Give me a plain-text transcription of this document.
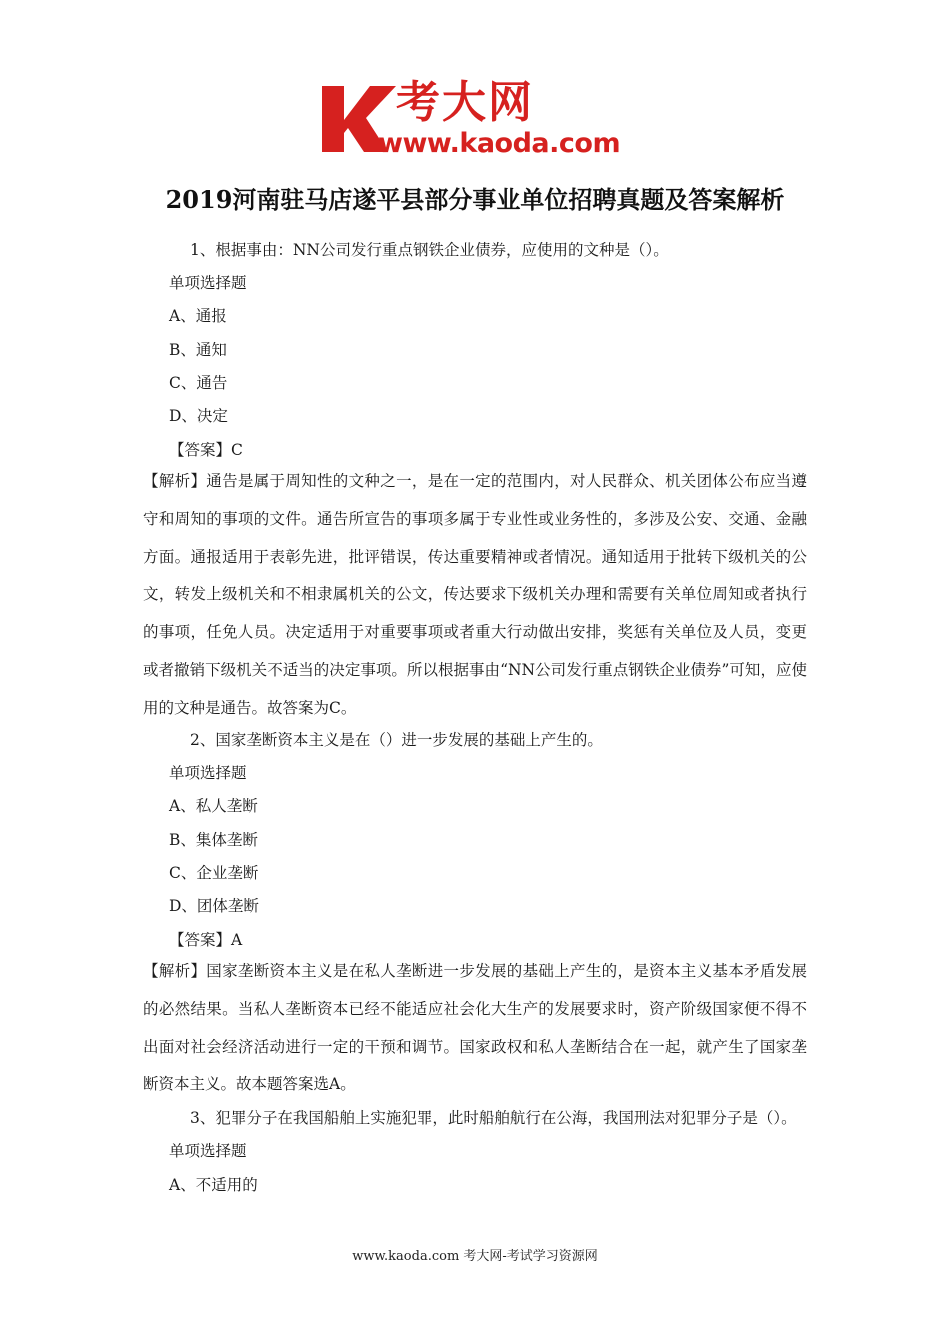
考大网
www.kaoda.com
2019河南驻马店遂平县部分事业单位招聘真题及答案解析
1、根据事由：NN公司发行重点钢铁企业债券，应使用的文种是（）。
单项选择题
A、通报
B、通知
C、通告
D、决定
【答案】C
【解析】通告是属于周知性的文种之一，是在一定的范围内，对人民群众、机关团体公布应当遵守和周知的事项的文件。通告所宣告的事项多属于专业性或业务性的，多涉及公安、交通、金融方面。通报适用于表彰先进，批评错误，传达重要精神或者情况。通知适用于批转下级机关的公文，转发上级机关和不相隶属机关的公文，传达要求下级机关办理和需要有关单位周知或者执行的事项，任免人员。决定适用于对重要事项或者重大行动做出安排，奖惩有关单位及人员，变更或者撤销下级机关不适当的决定事项。所以根据事由“NN公司发行重点钢铁企业债券”可知，应使用的文种是通告。故答案为C。
2、国家垄断资本主义是在（）进一步发展的基础上产生的。
单项选择题
A、私人垄断
B、集体垄断
C、企业垄断
D、团体垄断
【答案】A
【解析】国家垄断资本主义是在私人垄断进一步发展的基础上产生的，是资本主义基本矛盾发展的必然结果。当私人垄断资本已经不能适应社会化大生产的发展要求时，资产阶级国家便不得不出面对社会经济活动进行一定的干预和调节。国家政权和私人垄断结合在一起，就产生了国家垄断资本主义。故本题答案选A。
3、犯罪分子在我国船舶上实施犯罪，此时船舶航行在公海，我国刑法对犯罪分子是（）。
单项选择题
A、不适用的
www.kaoda.com 考大网-考试学习资源网
